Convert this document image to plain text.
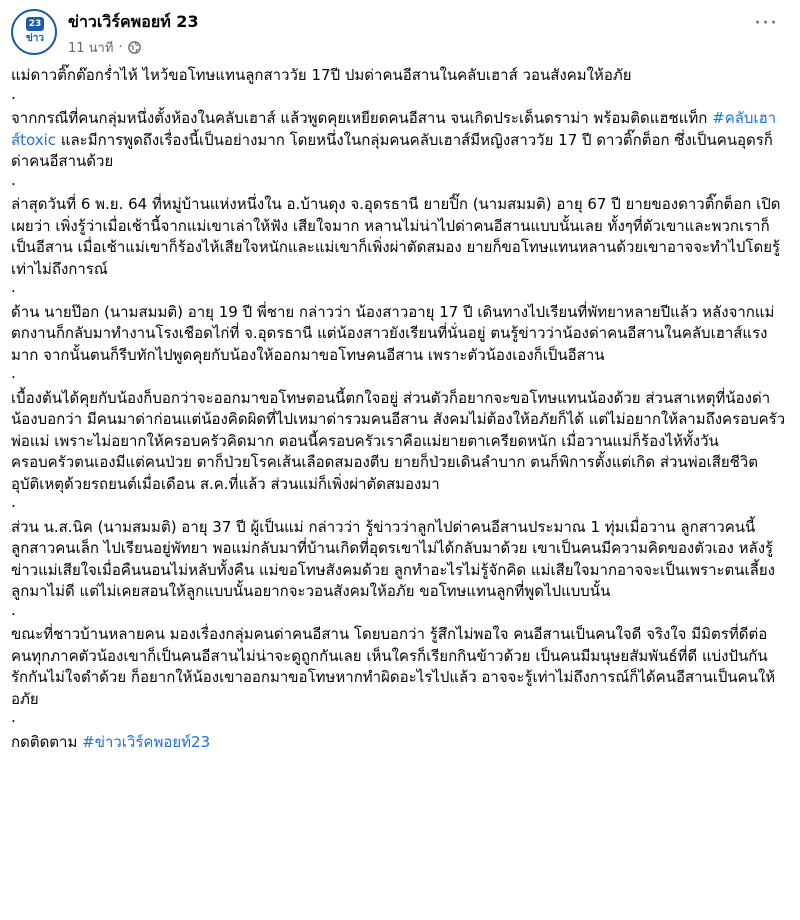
23
ข่าว
ข่าวเวิร์คพอยท์ 23
11 นาที ·
···

แม่ดาวติ๊กต๊อกร่ำไห้ ไหว้ขอโทษแทนลูกสาววัย 17ปี ปมด่าคนอีสานในคลับเฮาส์ วอนสังคมให้อภัย

.

จากกรณีที่คนกลุ่มหนึ่งตั้งห้องในคลับเฮาส์ แล้วพูดคุยเหยียดคนอีสาน จนเกิดประเด็นดราม่า พร้อมติดแฮชแท็ก #คลับเฮาส์toxic และมีการพูดถึงเรื่องนี้เป็นอย่างมาก โดยหนึ่งในกลุ่มคนคลับเฮาส์มีหญิงสาววัย 17 ปี ดาวติ๊กต็อก ซึ่งเป็นคนอุดรก็ด่าคนอีสานด้วย

.

ล่าสุดวันที่ 6 พ.ย. 64 ที่หมู่บ้านแห่งหนึ่งใน อ.บ้านดุง จ.อุดรธานี ยายปิ๊ก (นามสมมติ) อายุ 67 ปี ยายของดาวติ๊กต็อก เปิดเผยว่า เพิ่งรู้ว่าเมื่อเช้านี้จากแม่เขาเล่าให้ฟัง เสียใจมาก หลานไม่น่าไปด่าคนอีสานแบบนั้นเลย ทั้งๆที่ตัวเขาและพวกเราก็เป็นอีสาน เมื่อเช้าแม่เขาก็ร้องไห้เสียใจหนักและแม่เขาก็เพิ่งผ่าตัดสมอง ยายก็ขอโทษแทนหลานด้วยเขาอาจจะทำไปโดยรู้เท่าไม่ถึงการณ์

.

ด้าน นายป๊อก (นามสมมติ) อายุ 19 ปี พี่ชาย กล่าวว่า น้องสาวอายุ 17 ปี เดินทางไปเรียนที่พัทยาหลายปีแล้ว หลังจากแม่ตกงานก็กลับมาทำงานโรงเชือดไก่ที่ จ.อุดรธานี แต่น้องสาวยังเรียนที่นั่นอยู่ ตนรู้ข่าวว่าน้องด่าคนอีสานในคลับเฮาส์แรงมาก จากนั้นตนก็รีบทักไปพูดคุยกับน้องให้ออกมาขอโทษคนอีสาน เพราะตัวน้องเองก็เป็นอีสาน

.

เบื้องต้นได้คุยกับน้องก็บอกว่าจะออกมาขอโทษตอนนี้ตกใจอยู่ ส่วนตัวก็อยากจะขอโทษแทนน้องด้วย ส่วนสาเหตุที่น้องด่า น้องบอกว่า มีคนมาด่าก่อนแต่น้องคิดผิดที่ไปเหมาด่ารวมคนอีสาน สังคมไม่ต้องให้อภัยก็ได้ แต่ไม่อยากให้ลามถึงครอบครัวพ่อแม่ เพราะไม่อยากให้ครอบครัวคิดมาก ตอนนี้ครอบครัวเราคือแม่ยายตาเครียดหนัก เมื่อวานแม่ก็ร้องไห้ทั้งวัน ครอบครัวตนเองมีแต่คนป่วย ตาก็ป่วยโรคเส้นเลือดสมองตีบ ยายก็ป่วยเดินลำบาก ตนก็พิการตั้งแต่เกิด ส่วนพ่อเสียชีวิตอุบัติเหตุด้วยรถยนต์เมื่อเดือน ส.ค.ที่แล้ว ส่วนแม่ก็เพิ่งผ่าตัดสมองมา

.

ส่วน น.ส.นิค (นามสมมติ) อายุ 37 ปี ผู้เป็นแม่ กล่าวว่า รู้ข่าวว่าลูกไปด่าคนอีสานประมาณ 1 ทุ่มเมื่อวาน ลูกสาวคนนี้ลูกสาวคนเล็ก ไปเรียนอยู่พัทยา พอแม่กลับมาที่บ้านเกิดที่อุดรเขาไม่ได้กลับมาด้วย เขาเป็นคนมีความคิดของตัวเอง หลังรู้ข่าวแม่เสียใจเมื่อคืนนอนไม่หลับทั้งคืน แม่ขอโทษสังคมด้วย ลูกทำอะไรไม่รู้จักคิด แม่เสียใจมากอาจจะเป็นเพราะตนเลี้ยงลูกมาไม่ดี แต่ไม่เคยสอนให้ลูกแบบนั้นอยากจะวอนสังคมให้อภัย ขอโทษแทนลูกที่พูดไปแบบนั้น

.

ขณะที่ชาวบ้านหลายคน มองเรื่องกลุ่มคนด่าคนอีสาน โดยบอกว่า รู้สึกไม่พอใจ คนอีสานเป็นคนใจดี จริงใจ มีมิตรที่ดีต่อคนทุกภาคตัวน้องเขาก็เป็นคนอีสานไม่น่าจะดูถูกกันเลย เห็นใครก็เรียกกินข้าวด้วย เป็นคนมีมนุษยสัมพันธ์ที่ดี แบ่งปันกัน รักกันไม่ใจดำด้วย ก็อยากให้น้องเขาออกมาขอโทษหากทำผิดอะไรไปแล้ว อาจจะรู้เท่าไม่ถึงการณ์ก็ได้คนอีสานเป็นคนให้อภัย

.

กดติดตาม #ข่าวเวิร์คพอยท์23
